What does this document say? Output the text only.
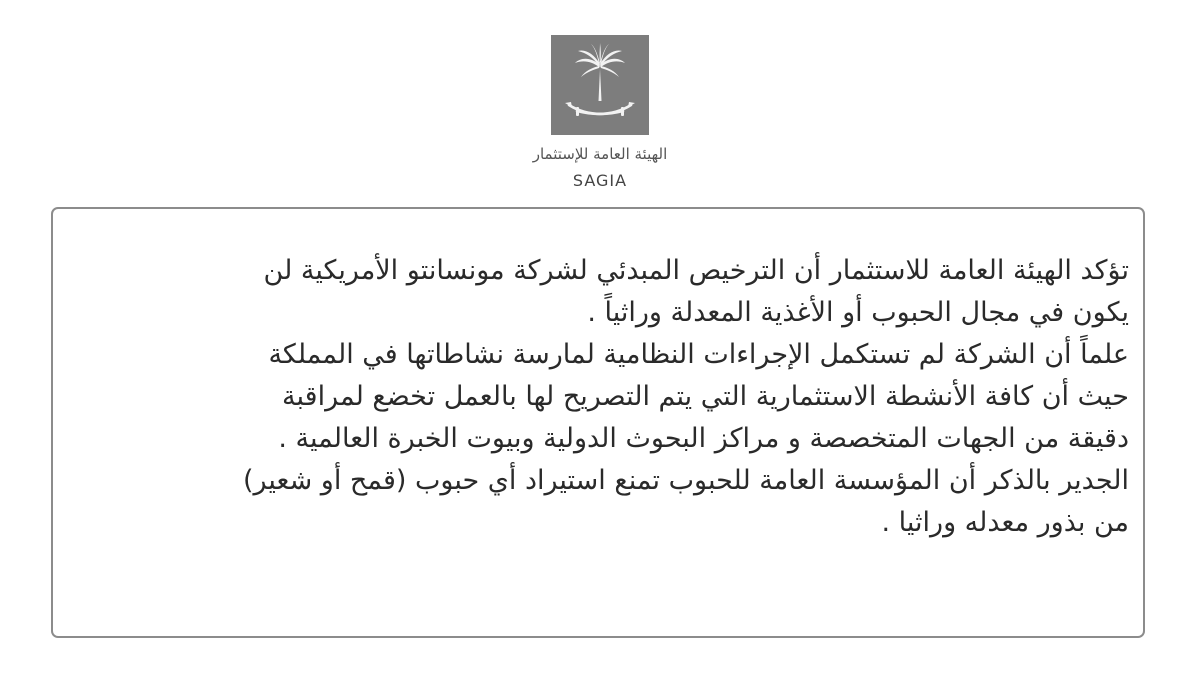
الهيئة العامة للإستثمار
SAGIA
تؤكد الهيئة العامة للاستثمار أن الترخيص المبدئي لشركة مونسانتو الأمريكية لن
يكون في مجال الحبوب أو الأغذية المعدلة وراثياً .
علماً أن الشركة لم تستكمل الإجراءات النظامية لمارسة نشاطاتها في المملكة
حيث أن كافة الأنشطة الاستثمارية التي يتم التصريح لها بالعمل تخضع لمراقبة
دقيقة من الجهات المتخصصة و مراكز البحوث الدولية وبيوت الخبرة العالمية .
الجدير بالذكر أن المؤسسة العامة للحبوب تمنع استيراد أي حبوب (قمح أو شعير)
من بذور معدله وراثيا .
